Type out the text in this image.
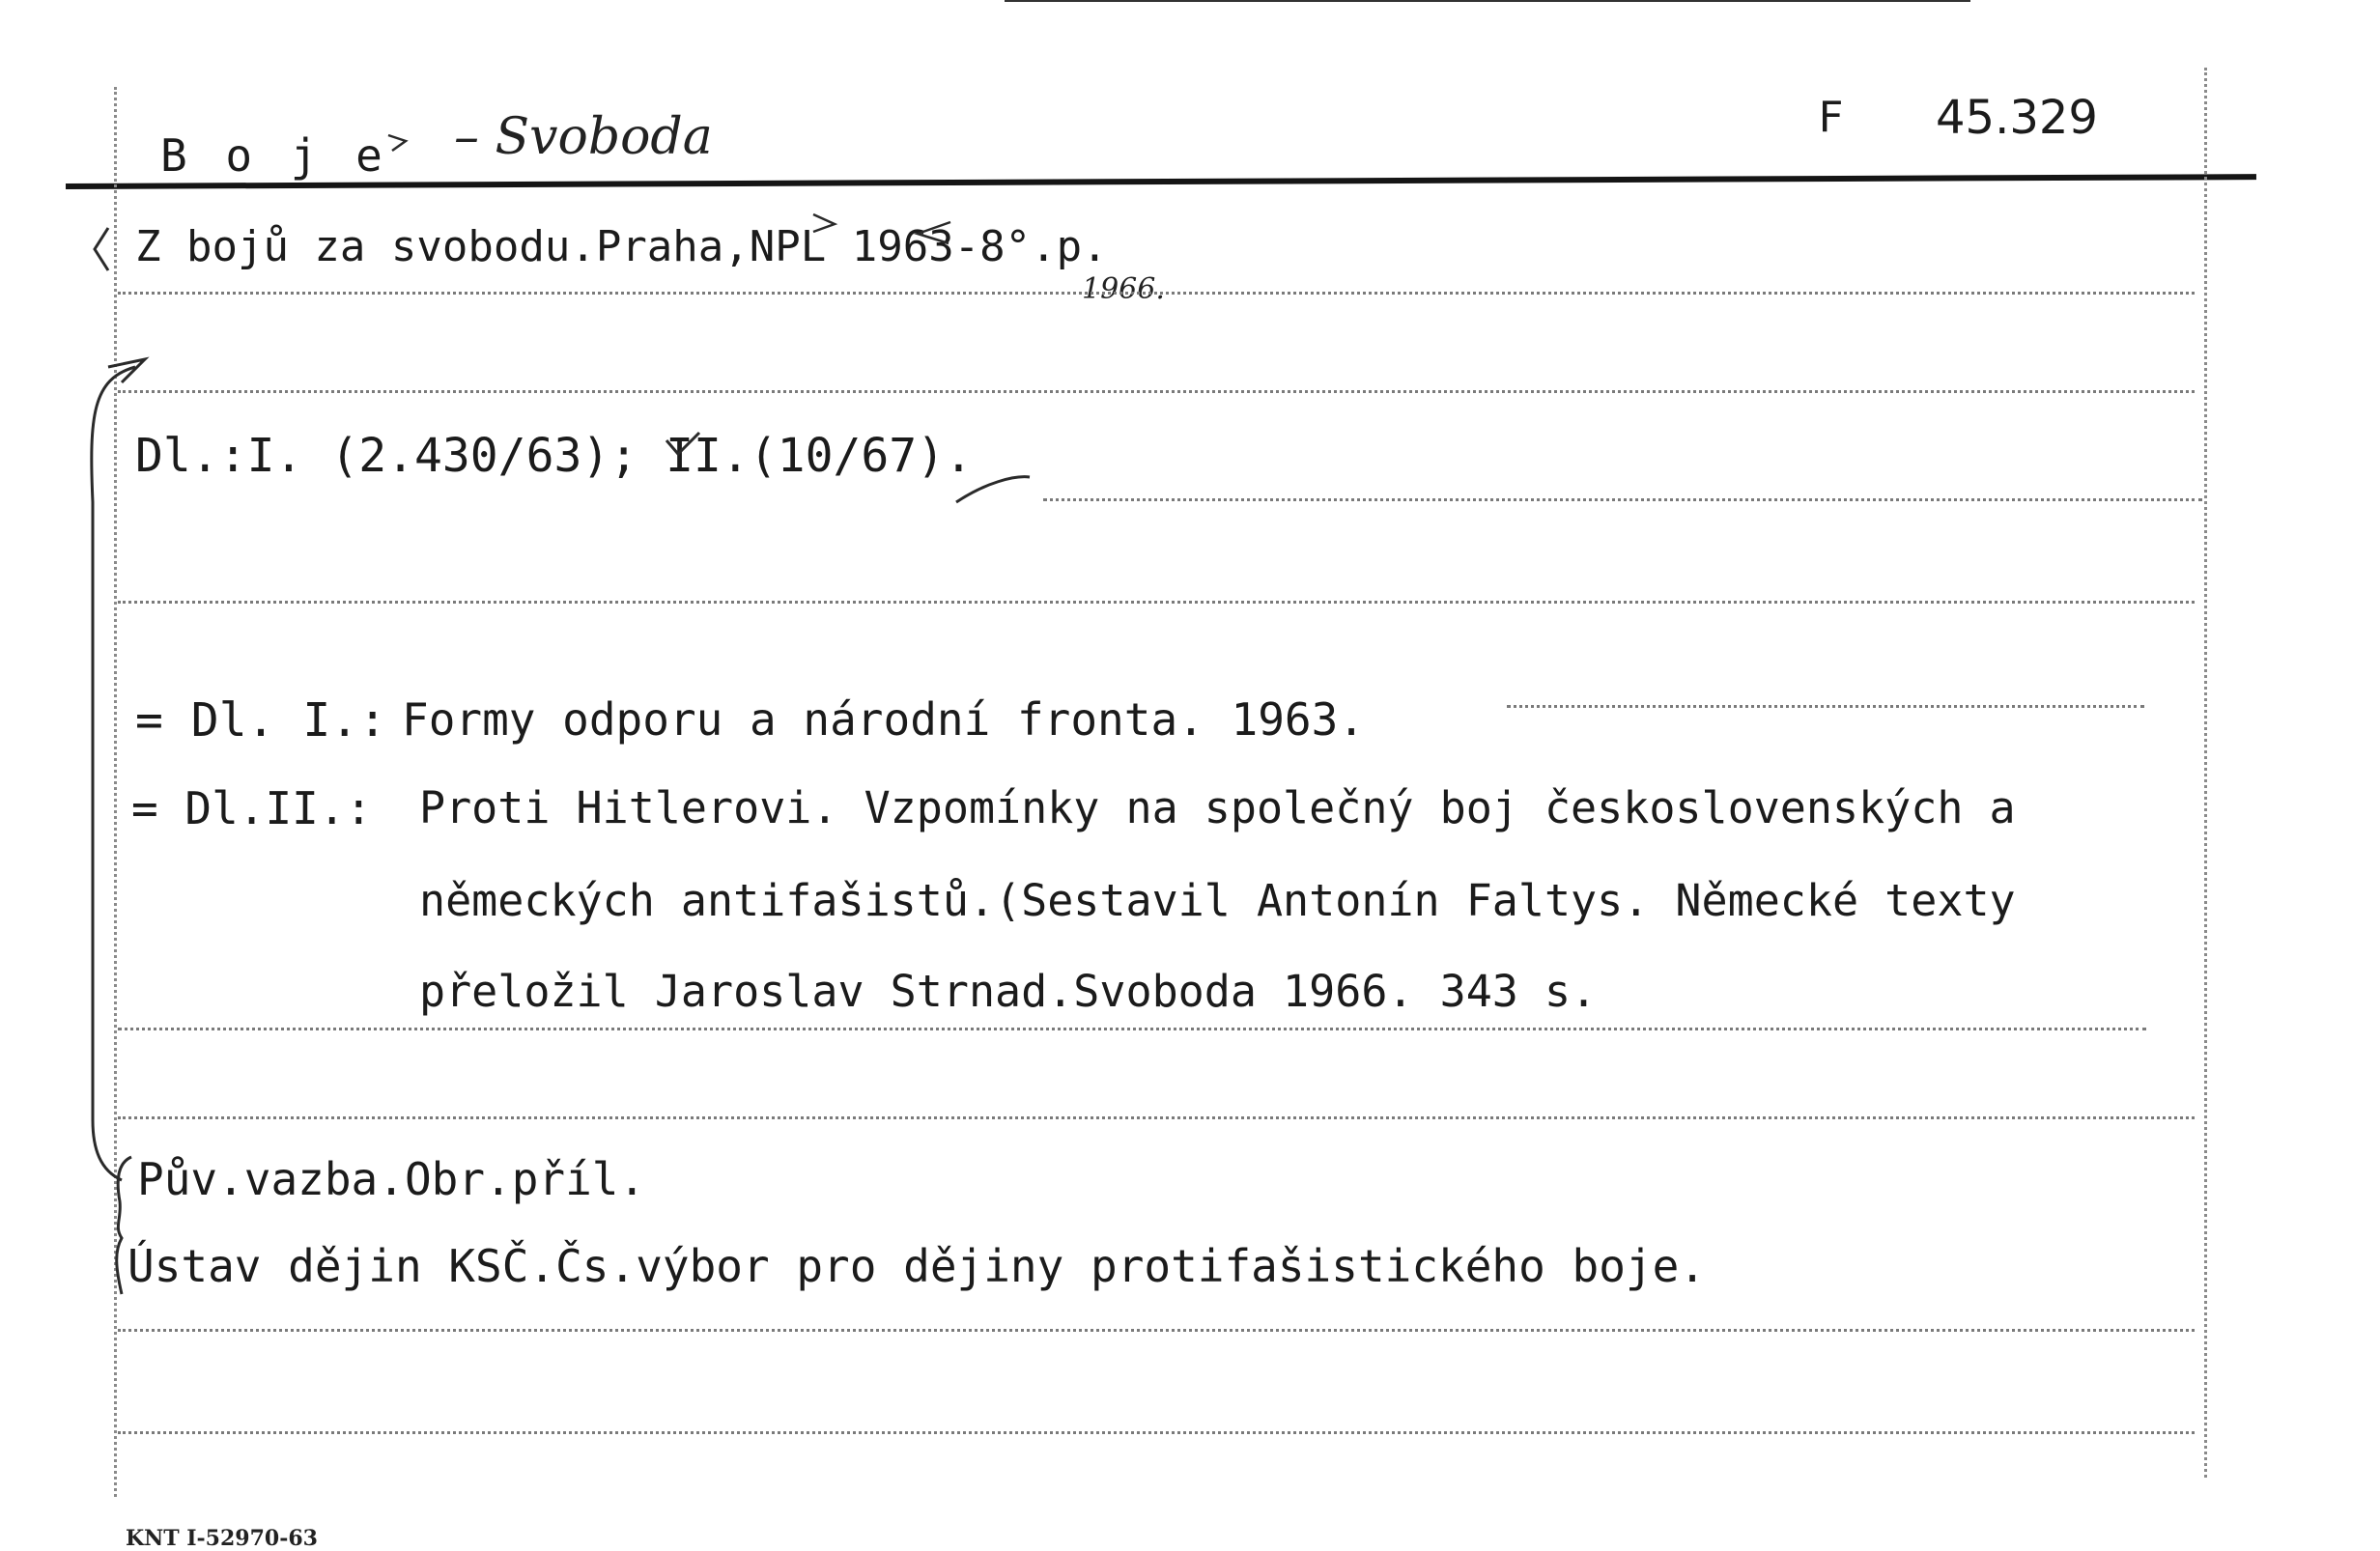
B o j e – Svoboda	F 45.329
Z bojů za svobodu.Praha,NPL 1963-8°.p.
1966.
Dl.:I. (2.430/63); II.(10/67).
= Dl. I.: Formy odporu a národní fronta. 1963.
= Dl.II.: Proti Hitlerovi. Vzpomínky na společný boj československých a
německých antifašistů.(Sestavil Antonín Faltys. Německé texty
přeložil Jaroslav Strnad.Svoboda 1966. 343 s.
Pův.vazba.Obr.příl.
Ústav dějin KSČ.Čs.výbor pro dějiny protifašistického boje.
KNT I-52970-63
